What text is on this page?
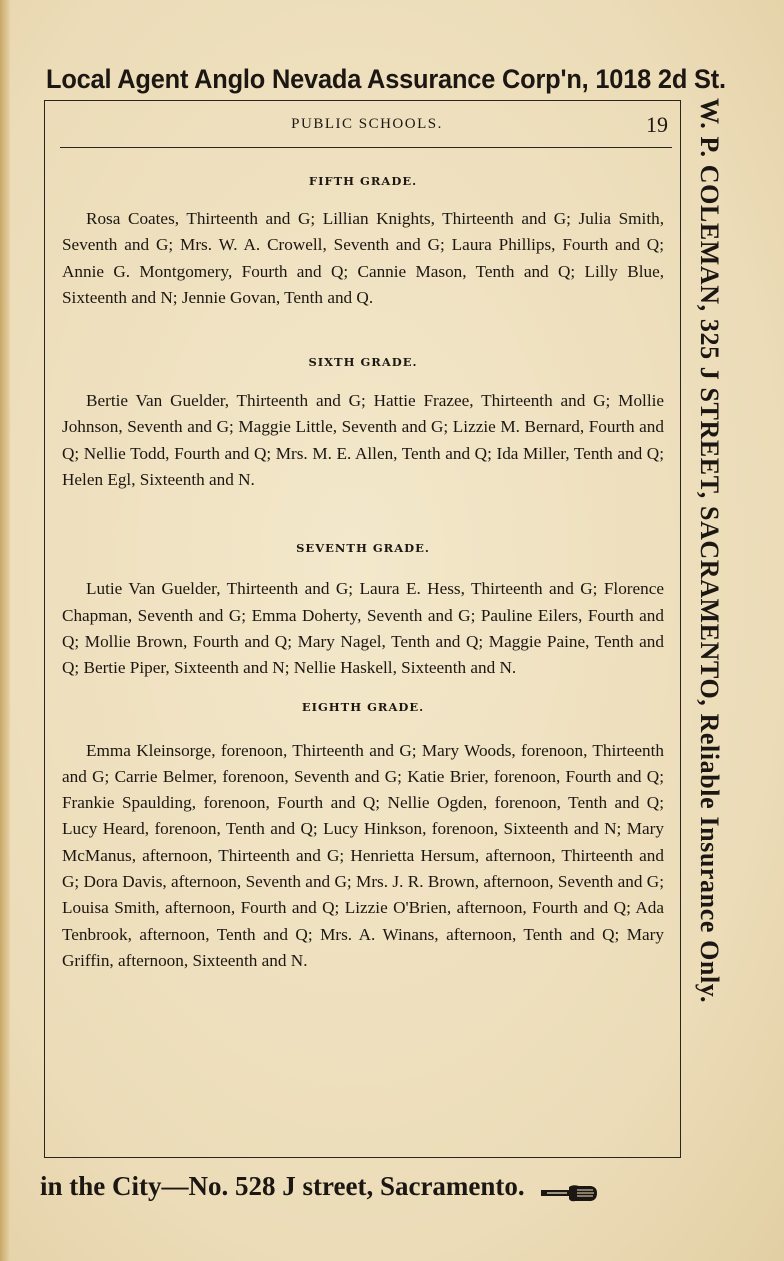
Local Agent Anglo Nevada Assurance Corp'n, 1018 2d St.
W. P. COLEMAN, 325 J STREET, SACRAMENTO, Reliable Insurance Only.
PUBLIC SCHOOLS.	19
FIFTH GRADE.

Rosa Coates, Thirteenth and G; Lillian Knights, Thirteenth and G; Julia Smith, Seventh and G; Mrs. W. A. Crowell, Seventh and G; Laura Phillips, Fourth and Q; Annie G. Montgomery, Fourth and Q; Cannie Mason, Tenth and Q; Lilly Blue, Sixteenth and N; Jennie Govan, Tenth and Q.

SIXTH GRADE.

Bertie Van Guelder, Thirteenth and G; Hattie Frazee, Thirteenth and G; Mollie Johnson, Seventh and G; Maggie Little, Seventh and G; Lizzie M. Bernard, Fourth and Q; Nellie Todd, Fourth and Q; Mrs. M. E. Allen, Tenth and Q; Ida Miller, Tenth and Q; Helen Egl, Sixteenth and N.

SEVENTH GRADE.

Lutie Van Guelder, Thirteenth and G; Laura E. Hess, Thirteenth and G; Florence Chapman, Seventh and G; Emma Doherty, Seventh and G; Pauline Eilers, Fourth and Q; Mollie Brown, Fourth and Q; Mary Nagel, Tenth and Q; Maggie Paine, Tenth and Q; Bertie Piper, Sixteenth and N; Nellie Haskell, Sixteenth and N.

EIGHTH GRADE.

Emma Kleinsorge, forenoon, Thirteenth and G; Mary Woods, forenoon, Thirteenth and G; Carrie Belmer, forenoon, Seventh and G; Katie Brier, forenoon, Fourth and Q; Frankie Spaulding, forenoon, Fourth and Q; Nellie Ogden, forenoon, Tenth and Q; Lucy Heard, forenoon, Tenth and Q; Lucy Hinkson, forenoon, Sixteenth and N; Mary McManus, afternoon, Thirteenth and G; Henrietta Hersum, afternoon, Thirteenth and G; Dora Davis, afternoon, Seventh and G; Mrs. J. R. Brown, afternoon, Seventh and G; Louisa Smith, afternoon, Fourth and Q; Lizzie O'Brien, afternoon, Fourth and Q; Ada Tenbrook, afternoon, Tenth and Q; Mrs. A. Winans, afternoon, Tenth and Q; Mary Griffin, afternoon, Sixteenth and N.

in the City—No. 528 J street, Sacramento.
